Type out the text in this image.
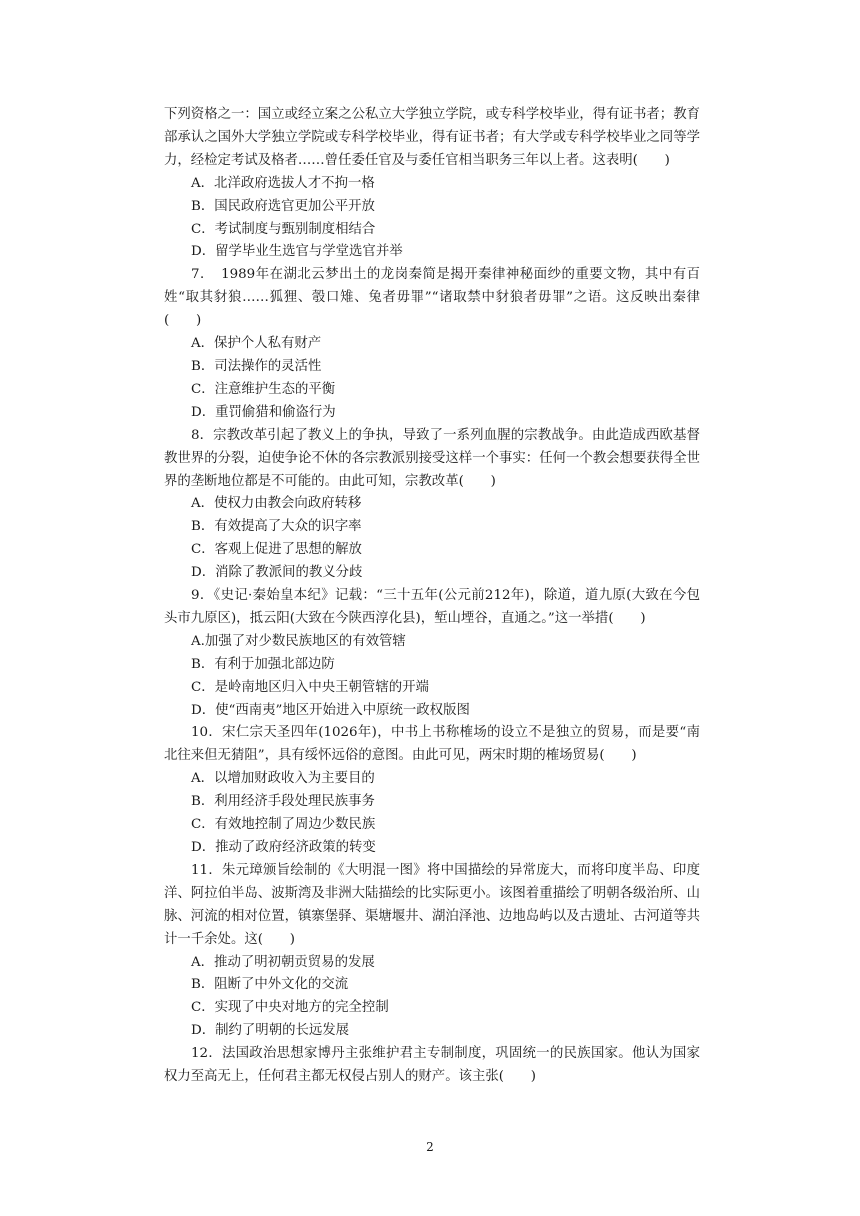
下列资格之一：国立或经立案之公私立大学独立学院，或专科学校毕业，得有证书者；教育部承认之国外大学独立学院或专科学校毕业，得有证书者；有大学或专科学校毕业之同等学力，经检定考试及格者……曾任委任官及与委任官相当职务三年以上者。这表明(　　)

A．北洋政府选拔人才不拘一格

B．国民政府选官更加公平开放

C．考试制度与甄别制度相结合

D．留学毕业生选官与学堂选官并举

7．　1989年在湖北云梦出土的龙岗秦简是揭开秦律神秘面纱的重要文物，其中有百姓“取其豺狼……狐狸、彀口雉、兔者毋罪”“诸取禁中豺狼者毋罪”之语。这反映出秦律(　　)

A．保护个人私有财产

B．司法操作的灵活性

C．注意维护生态的平衡

D．重罚偷猎和偷盗行为

8．宗教改革引起了教义上的争执，导致了一系列血腥的宗教战争。由此造成西欧基督教世界的分裂，迫使争论不休的各宗教派别接受这样一个事实：任何一个教会想要获得全世界的垄断地位都是不可能的。由此可知，宗教改革(　　)

A．使权力由教会向政府转移

B．有效提高了大众的识字率

C．客观上促进了思想的解放

D．消除了教派间的教义分歧

9．《史记·秦始皇本纪》记载：“三十五年(公元前212年)，除道，道九原(大致在今包头市九原区)，抵云阳(大致在今陕西淳化县)，堑山堙谷，直通之。”这一举措(　　)

A.加强了对少数民族地区的有效管辖

B．有利于加强北部边防

C．是岭南地区归入中央王朝管辖的开端

D．使“西南夷”地区开始进入中原统一政权版图

10．宋仁宗天圣四年(1026年)，中书上书称榷场的设立不是独立的贸易，而是要“南北往来但无猜阻”，具有绥怀远俗的意图。由此可见，两宋时期的榷场贸易(　　)

A．以增加财政收入为主要目的

B．利用经济手段处理民族事务

C．有效地控制了周边少数民族

D．推动了政府经济政策的转变

11．朱元璋颁旨绘制的《大明混一图》将中国描绘的异常庞大，而将印度半岛、印度洋、阿拉伯半岛、波斯湾及非洲大陆描绘的比实际更小。该图着重描绘了明朝各级治所、山脉、河流的相对位置，镇寨堡驿、渠塘堰井、湖泊泽池、边地岛屿以及古遗址、古河道等共计一千余处。这(　　)

A．推动了明初朝贡贸易的发展

B．阻断了中外文化的交流

C．实现了中央对地方的完全控制

D．制约了明朝的长远发展

12．法国政治思想家博丹主张维护君主专制制度，巩固统一的民族国家。他认为国家权力至高无上，任何君主都无权侵占别人的财产。该主张(　　)

2
